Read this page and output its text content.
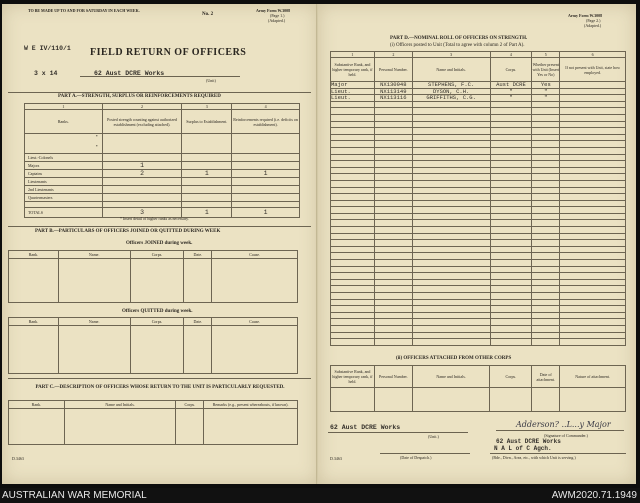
TO BE MADE UP TO AND FOR SATURDAY IN EACH WEEK.
No. 2
Army Form W.3008
(Page 1.)
(Adapted.)
W E IV/110/1
3 x 14
FIELD RETURN OF OFFICERS
62 Aust DCRE Works
(Unit)
PART A.—STRENGTH, SURPLUS OR REINFORCEMENTS REQUIRED
1	2	3	4
Ranks.	Posted strength counting against authorized establishment (excluding attached).	Surplus to Establishment.	Reinforcements required (i.e. deficits on establishment).
*

*			
Lieut.-Colonels			
Majors	1		
Captains	2	1	1
Lieutenants			
2nd Lieutenants			
Quartermasters			

TOTALS	3	1	1
* Insert detail of higher ranks as necessary.
PART B.—PARTICULARS OF OFFICERS JOINED OR QUITTED DURING WEEK
Officers JOINED during week.
Rank.	Name.	Corps.	Date.	Cause.

Officers QUITTED during week.
Rank.	Name.	Corps.	Date.	Cause.

PART C.—DESCRIPTION OF OFFICERS WHOSE RETURN TO THE UNIT IS PARTICULARLY REQUESTED.
Rank.	Name and Initials.	Corps.	Remarks (e.g., present whereabouts, if known).

D.3463
Army Form W.3008
(Page 2.)
(Adapted.)
PART D.—NOMINAL ROLL OF OFFICERS ON STRENGTH.
(i) Officers posted to Unit (Total to agree with column 2 of Part A).
1	2	3	4	5	6
Substantive Rank, and higher temporary rank, if held.	Personal Number.	Name and Initials.	Corps.	Whether present with Unit (Insert Yes or No)	If not present with Unit, state how employed.
Major	NX130948	STEPHENS, F.C.	Aust DCRE	Yes	
Lieut.	NX113149	DYSON, C.H.	"	"	
Lieut.	NX113116	GRIFFITHS, C.G.	"	"	

(ii) OFFICERS ATTACHED FROM OTHER CORPS
Substantive Rank, and higher temporary rank, if held.	Personal Number.	Name and Initials.	Corps.	Date of attachment.	Nature of attachment.

62 Aust DCRE Works
(Unit.)
Adderson? ..L...y Major
(Signature of Commander.)
62 Aust DCRE Works
N A L of C Agch.
(Date of Despatch.)	(Bde., Divn., Area, etc., with which Unit is serving.)
D.3463
AUSTRALIAN WAR MEMORIAL	AWM2020.71.1949
